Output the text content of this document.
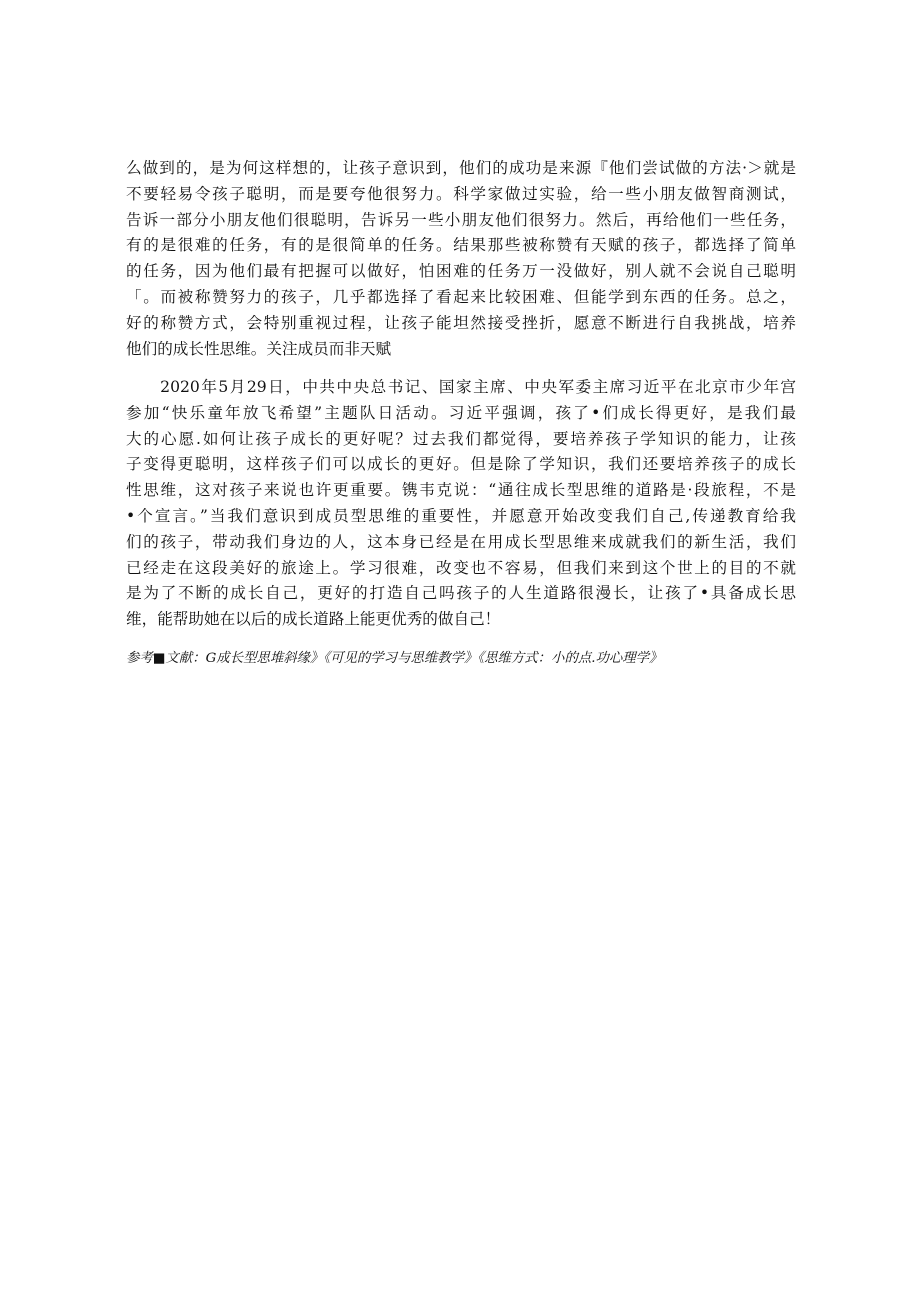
么做到的，是为何这样想的，让孩子意识到，他们的成功是来源『他们尝试做的方法·＞就是
不要轻易令孩子聪明，而是要夸他很努力。科学家做过实验，给一些小朋友做智商测试，
告诉一部分小朋友他们很聪明，告诉另一些小朋友他们很努力。然后，再给他们一些任务，
有的是很难的任务，有的是很简单的任务。结果那些被称赞有天赋的孩子，都选择了简单
的任务，因为他们最有把握可以做好，怕困难的任务万一没做好，别人就不会说自己聪明
「。而被称赞努力的孩子，几乎都选择了看起来比较困难、但能学到东西的任务。总之，
好的称赞方式，会特别重视过程，让孩子能坦然接受挫折，愿意不断进行自我挑战，培养
他们的成长性思维。关注成员而非天赋
　　2020年5月29日，中共中央总书记、国家主席、中央军委主席习近平在北京市少年宫
参加“快乐童年放飞希望”主题队日活动。习近平强调，孩了•们成长得更好，是我们最
大的心愿.如何让孩子成长的更好呢？过去我们都觉得，要培养孩子学知识的能力，让孩
子变得更聪明，这样孩子们可以成长的更好。但是除了学知识，我们还要培养孩子的成长
性思维，这对孩子来说也许更重要。镌韦克说：“通往成长型思维的道路是·段旅程，不是
•个宣言。”当我们意识到成员型思维的重要性，并愿意开始改变我们自己,传递教育给我
们的孩子，带动我们身边的人，这本身已经是在用成长型思维来成就我们的新生活，我们
已经走在这段美好的旅途上。学习很难，改变也不容易，但我们来到这个世上的目的不就
是为了不断的成长自己，更好的打造自己吗孩子的人生道路很漫长，让孩了•具备成长思
维，能帮助她在以后的成长道路上能更优秀的做自己！
参考■文献：G成长型思堆斜缘》《可见的学习与思维教学》《思维方式：小的点.功心理学》
